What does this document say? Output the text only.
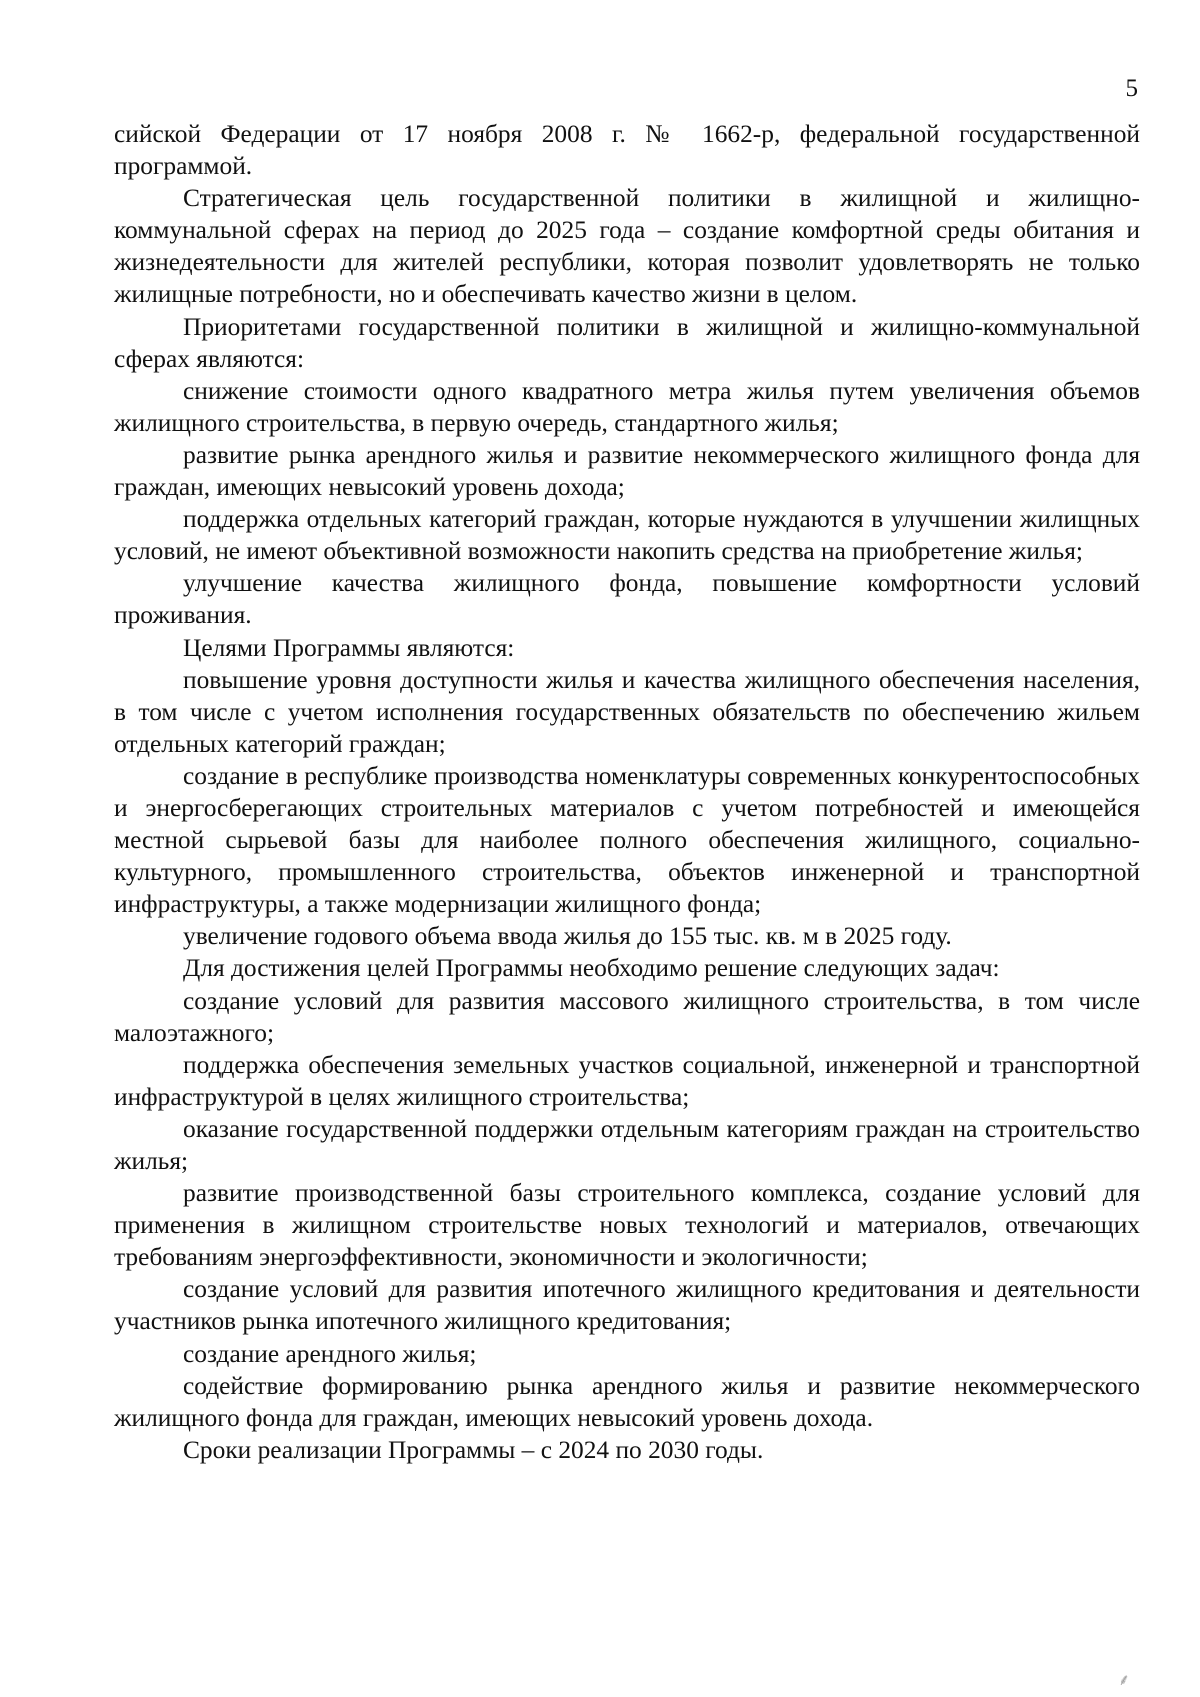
5

сийской Федерации от 17 ноября 2008 г. № 1662-р, федеральной государственной программой.

Стратегическая цель государственной политики в жилищной и жилищно-коммунальной сферах на период до 2025 года – создание комфортной среды обитания и жизнедеятельности для жителей республики, которая позволит удовлетворять не только жилищные потребности, но и обеспечивать качество жизни в целом.

Приоритетами государственной политики в жилищной и жилищно-коммунальной сферах являются:

снижение стоимости одного квадратного метра жилья путем увеличения объемов жилищного строительства, в первую очередь, стандартного жилья;

развитие рынка арендного жилья и развитие некоммерческого жилищного фонда для граждан, имеющих невысокий уровень дохода;

поддержка отдельных категорий граждан, которые нуждаются в улучшении жилищных условий, не имеют объективной возможности накопить средства на приобретение жилья;

улучшение качества жилищного фонда, повышение комфортности условий проживания.

Целями Программы являются:

повышение уровня доступности жилья и качества жилищного обеспечения населения, в том числе с учетом исполнения государственных обязательств по обеспечению жильем отдельных категорий граждан;

создание в республике производства номенклатуры современных конкурентоспособных и энергосберегающих строительных материалов с учетом потребностей и имеющейся местной сырьевой базы для наиболее полного обеспечения жилищного, социально-культурного, промышленного строительства, объектов инженерной и транспортной инфраструктуры, а также модернизации жилищного фонда;

увеличение годового объема ввода жилья до 155 тыс. кв. м в 2025 году.

Для достижения целей Программы необходимо решение следующих задач:

создание условий для развития массового жилищного строительства, в том числе малоэтажного;

поддержка обеспечения земельных участков социальной, инженерной и транспортной инфраструктурой в целях жилищного строительства;

оказание государственной поддержки отдельным категориям граждан на строительство жилья;

развитие производственной базы строительного комплекса, создание условий для применения в жилищном строительстве новых технологий и материалов, отвечающих требованиям энергоэффективности, экономичности и экологичности;

создание условий для развития ипотечного жилищного кредитования и деятельности участников рынка ипотечного жилищного кредитования;

создание арендного жилья;

содействие формированию рынка арендного жилья и развитие некоммерческого жилищного фонда для граждан, имеющих невысокий уровень дохода.

Сроки реализации Программы – с 2024 по 2030 годы.

⸙
